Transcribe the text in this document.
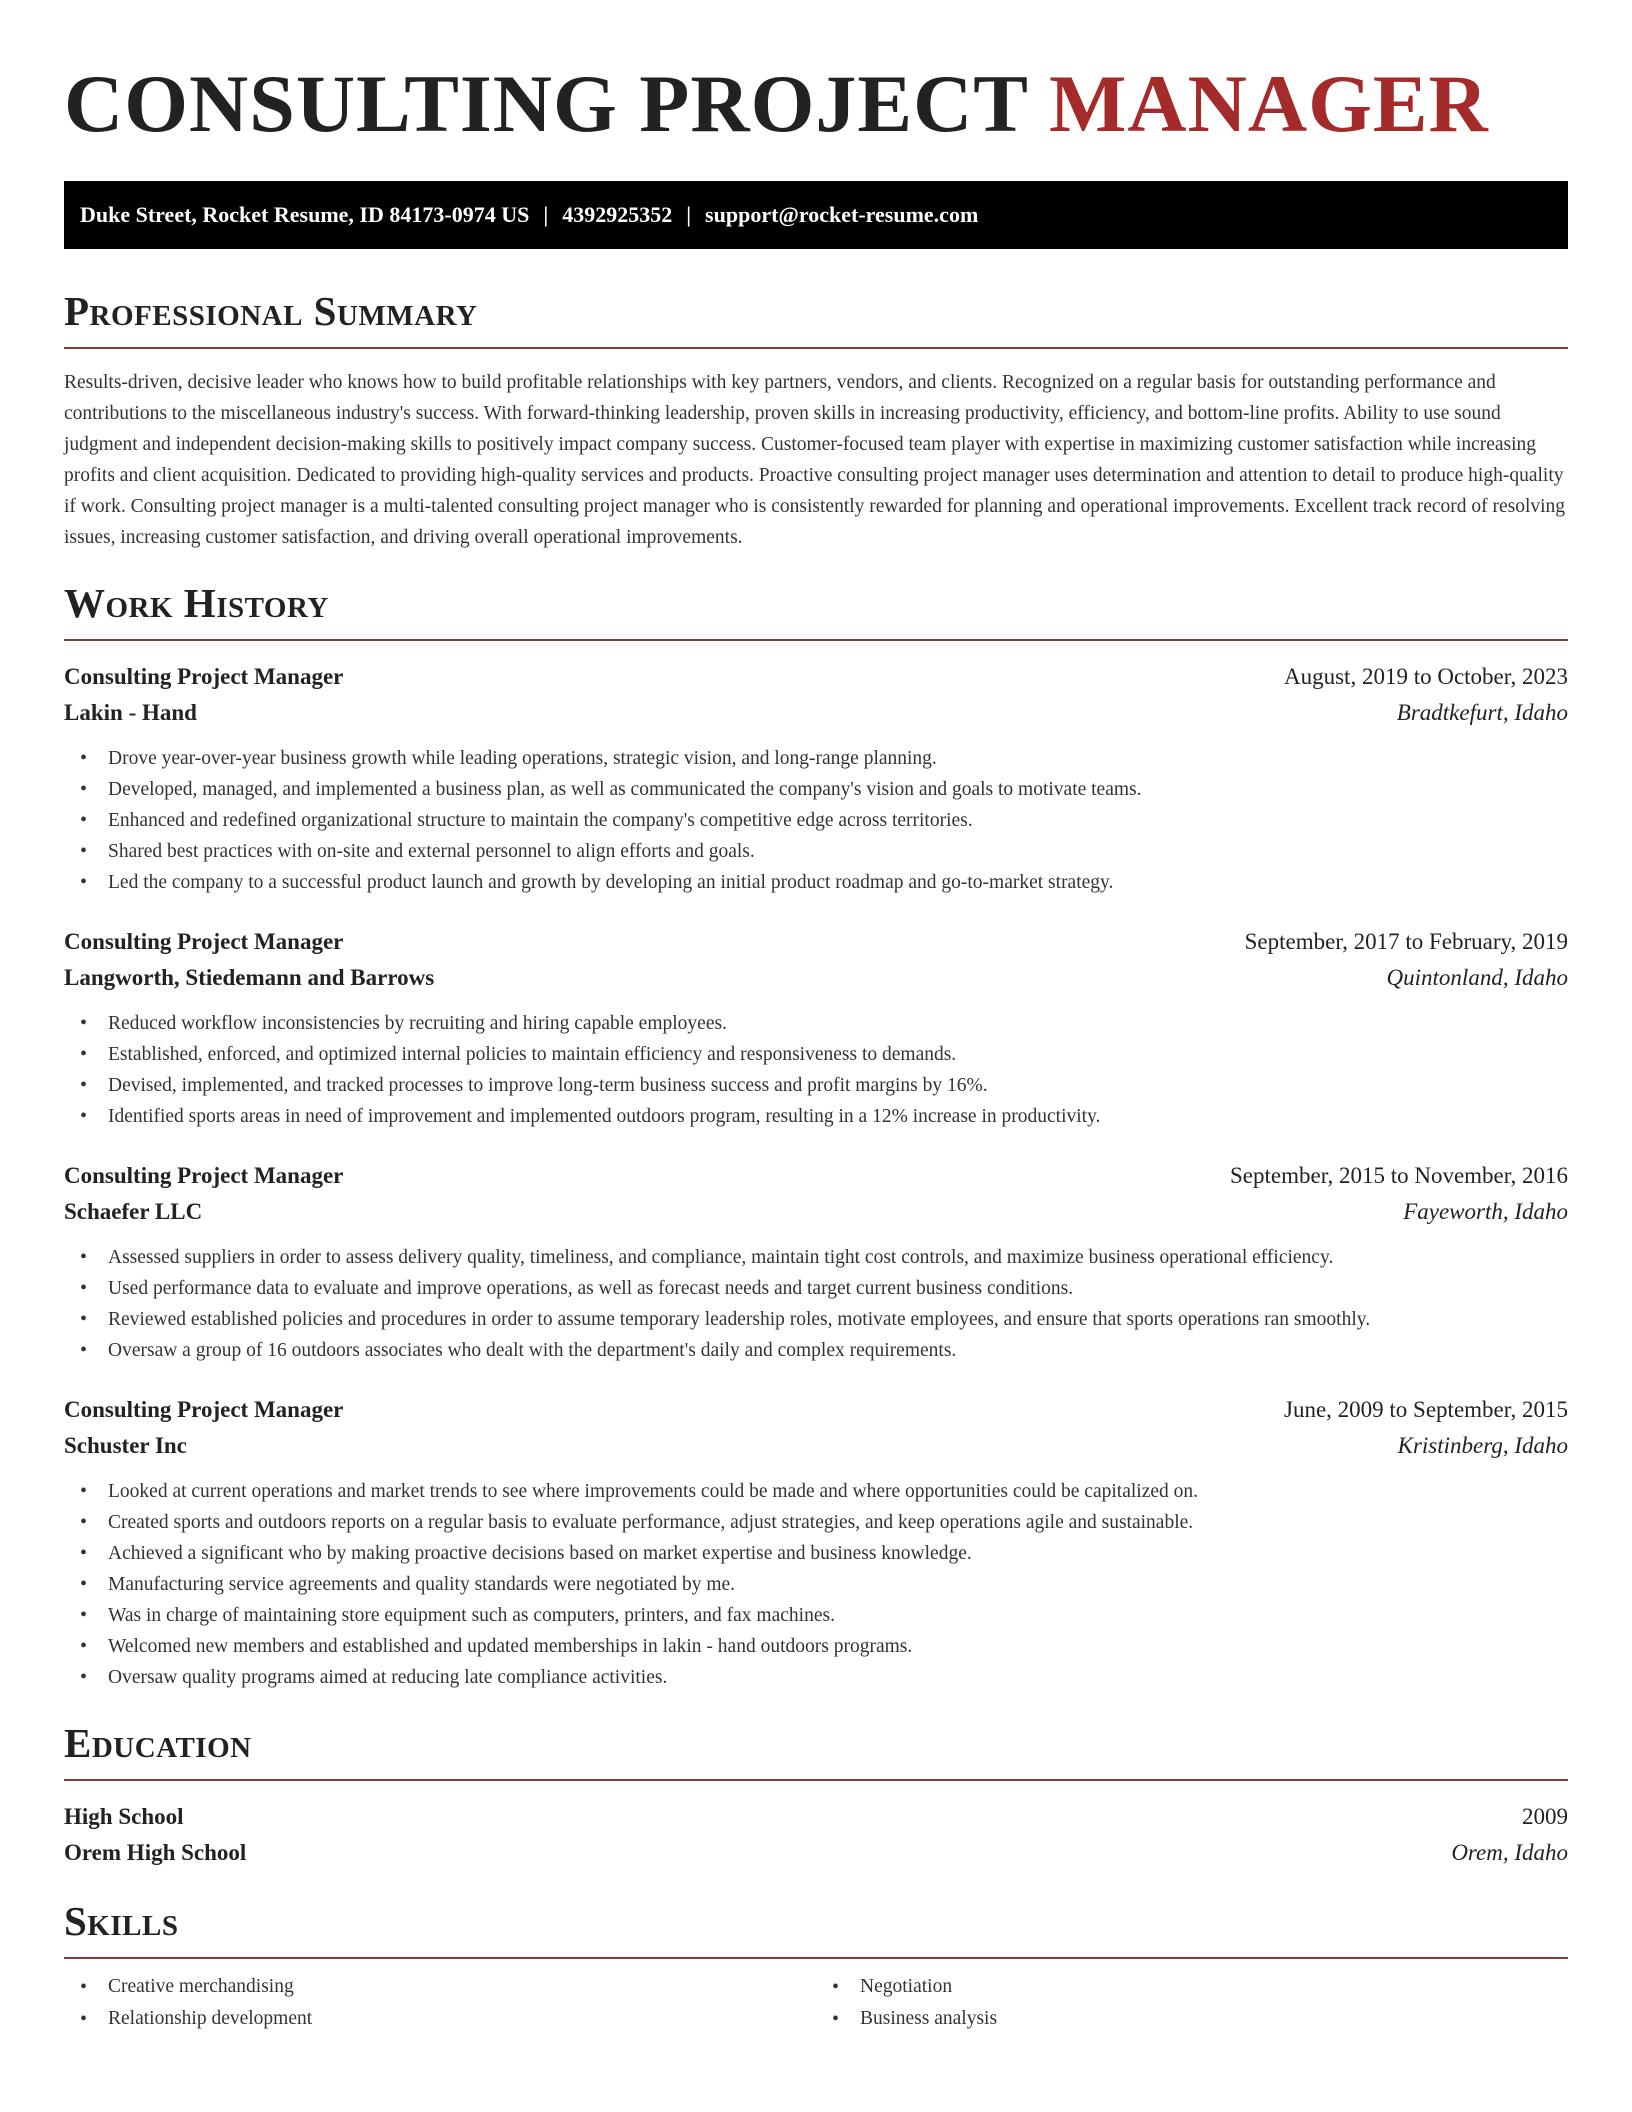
CONSULTING PROJECT MANAGER
Duke Street, Rocket Resume, ID 84173-0974 US | 4392925352 | support@rocket-resume.com
Professional Summary

Results-driven, decisive leader who knows how to build profitable relationships with key partners, vendors, and clients. Recognized on a regular basis for outstanding performance and contributions to the miscellaneous industry's success. With forward-thinking leadership, proven skills in increasing productivity, efficiency, and bottom-line profits. Ability to use sound judgment and independent decision-making skills to positively impact company success. Customer-focused team player with expertise in maximizing customer satisfaction while increasing profits and client acquisition. Dedicated to providing high-quality services and products. Proactive consulting project manager uses determination and attention to detail to produce high-quality if work. Consulting project manager is a multi-talented consulting project manager who is consistently rewarded for planning and operational improvements. Excellent track record of resolving issues, increasing customer satisfaction, and driving overall operational improvements.

Work History
Consulting Project Manager	August, 2019 to October, 2023
Lakin - Hand	Bradtkefurt, Idaho
• Drove year-over-year business growth while leading operations, strategic vision, and long-range planning.
• Developed, managed, and implemented a business plan, as well as communicated the company's vision and goals to motivate teams.
• Enhanced and redefined organizational structure to maintain the company's competitive edge across territories.
• Shared best practices with on-site and external personnel to align efforts and goals.
• Led the company to a successful product launch and growth by developing an initial product roadmap and go-to-market strategy.
Consulting Project Manager	September, 2017 to February, 2019
Langworth, Stiedemann and Barrows	Quintonland, Idaho
• Reduced workflow inconsistencies by recruiting and hiring capable employees.
• Established, enforced, and optimized internal policies to maintain efficiency and responsiveness to demands.
• Devised, implemented, and tracked processes to improve long-term business success and profit margins by 16%.
• Identified sports areas in need of improvement and implemented outdoors program, resulting in a 12% increase in productivity.
Consulting Project Manager	September, 2015 to November, 2016
Schaefer LLC	Fayeworth, Idaho
• Assessed suppliers in order to assess delivery quality, timeliness, and compliance, maintain tight cost controls, and maximize business operational efficiency.
• Used performance data to evaluate and improve operations, as well as forecast needs and target current business conditions.
• Reviewed established policies and procedures in order to assume temporary leadership roles, motivate employees, and ensure that sports operations ran smoothly.
• Oversaw a group of 16 outdoors associates who dealt with the department's daily and complex requirements.
Consulting Project Manager	June, 2009 to September, 2015
Schuster Inc	Kristinberg, Idaho
• Looked at current operations and market trends to see where improvements could be made and where opportunities could be capitalized on.
• Created sports and outdoors reports on a regular basis to evaluate performance, adjust strategies, and keep operations agile and sustainable.
• Achieved a significant who by making proactive decisions based on market expertise and business knowledge.
• Manufacturing service agreements and quality standards were negotiated by me.
• Was in charge of maintaining store equipment such as computers, printers, and fax machines.
• Welcomed new members and established and updated memberships in lakin - hand outdoors programs.
• Oversaw quality programs aimed at reducing late compliance activities.
Education
High School	2009
Orem High School	Orem, Idaho
Skills
• Creative merchandising
• Relationship development
• Negotiation
• Business analysis
